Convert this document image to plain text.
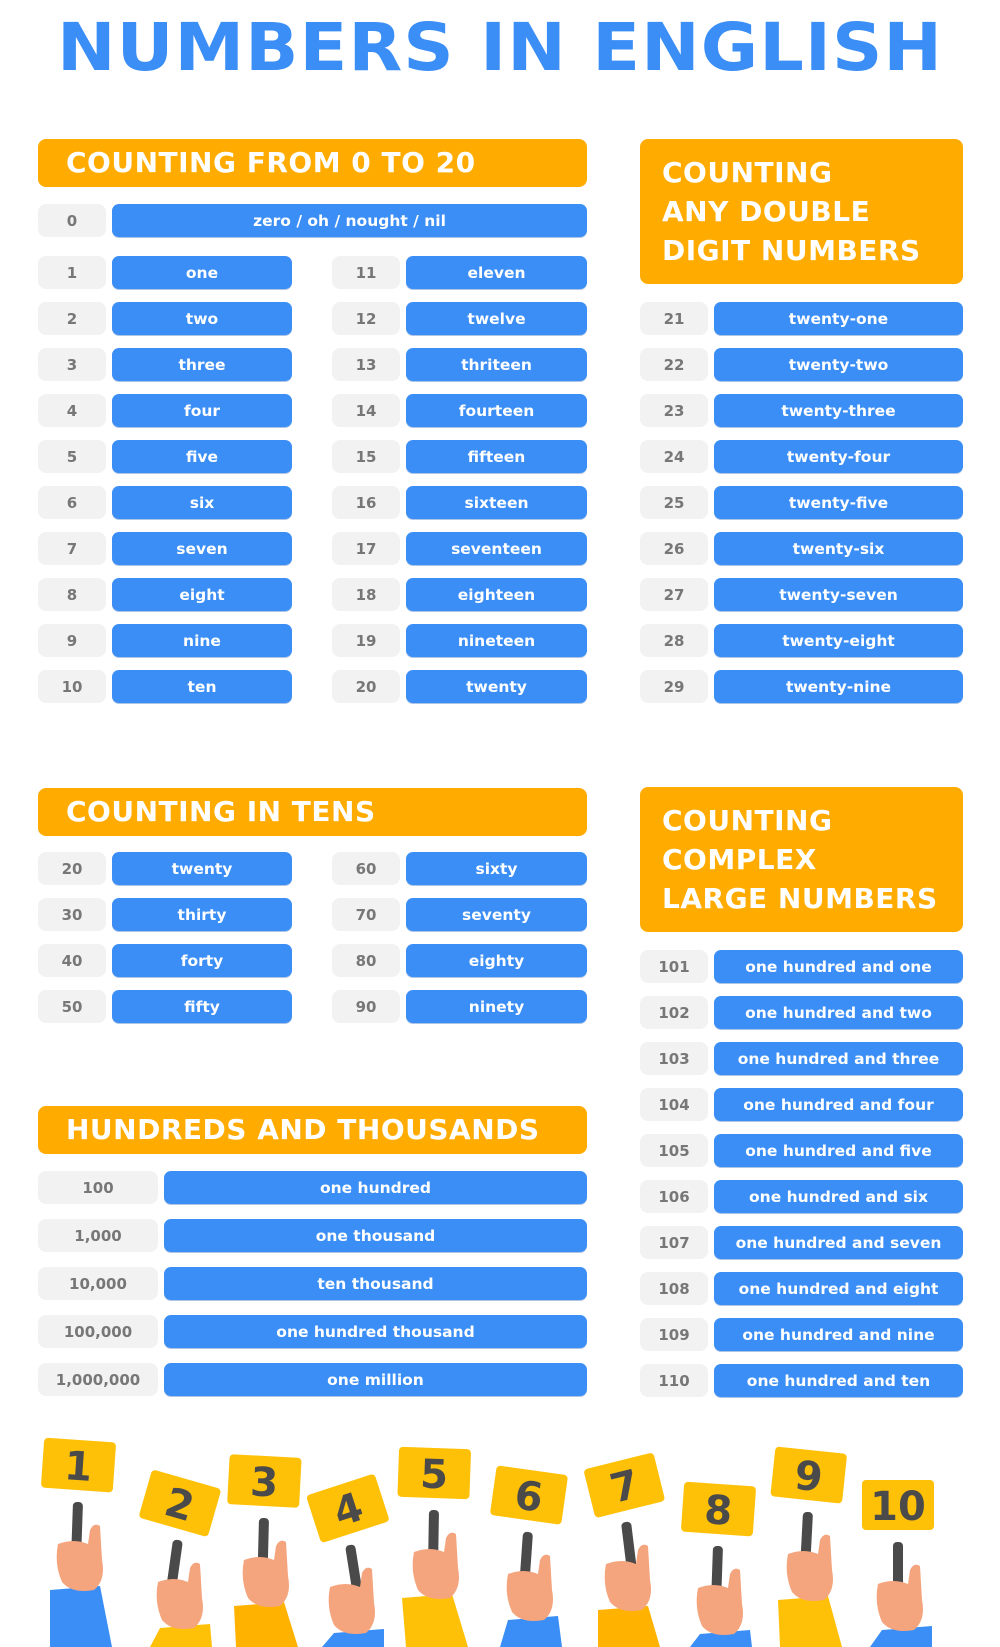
NUMBERS IN ENGLISH
COUNTING FROM 0 TO 20
0	zero / oh / nought / nil
1	one
2	two
3	three
4	four
5	five
6	six
7	seven
8	eight
9	nine
10	ten
11	eleven
12	twelve
13	thriteen
14	fourteen
15	fifteen
16	sixteen
17	seventeen
18	eighteen
19	nineteen
20	twenty
COUNTING
ANY DOUBLE
DIGIT NUMBERS
21	twenty-one
22	twenty-two
23	twenty-three
24	twenty-four
25	twenty-five
26	twenty-six
27	twenty-seven
28	twenty-eight
29	twenty-nine
COUNTING IN TENS
20	twenty
30	thirty
40	forty
50	fifty
60	sixty
70	seventy
80	eighty
90	ninety
COUNTING
COMPLEX
LARGE NUMBERS
101	one hundred and one
102	one hundred and two
103	one hundred and three
104	one hundred and four
105	one hundred and five
106	one hundred and six
107	one hundred and seven
108	one hundred and eight
109	one hundred and nine
110	one hundred and ten
HUNDREDS AND THOUSANDS
100	one hundred
1,000	one thousand
10,000	ten thousand
100,000	one hundred thousand
1,000,000	one million
1
2 3
4
5 6 7 8
9
10
